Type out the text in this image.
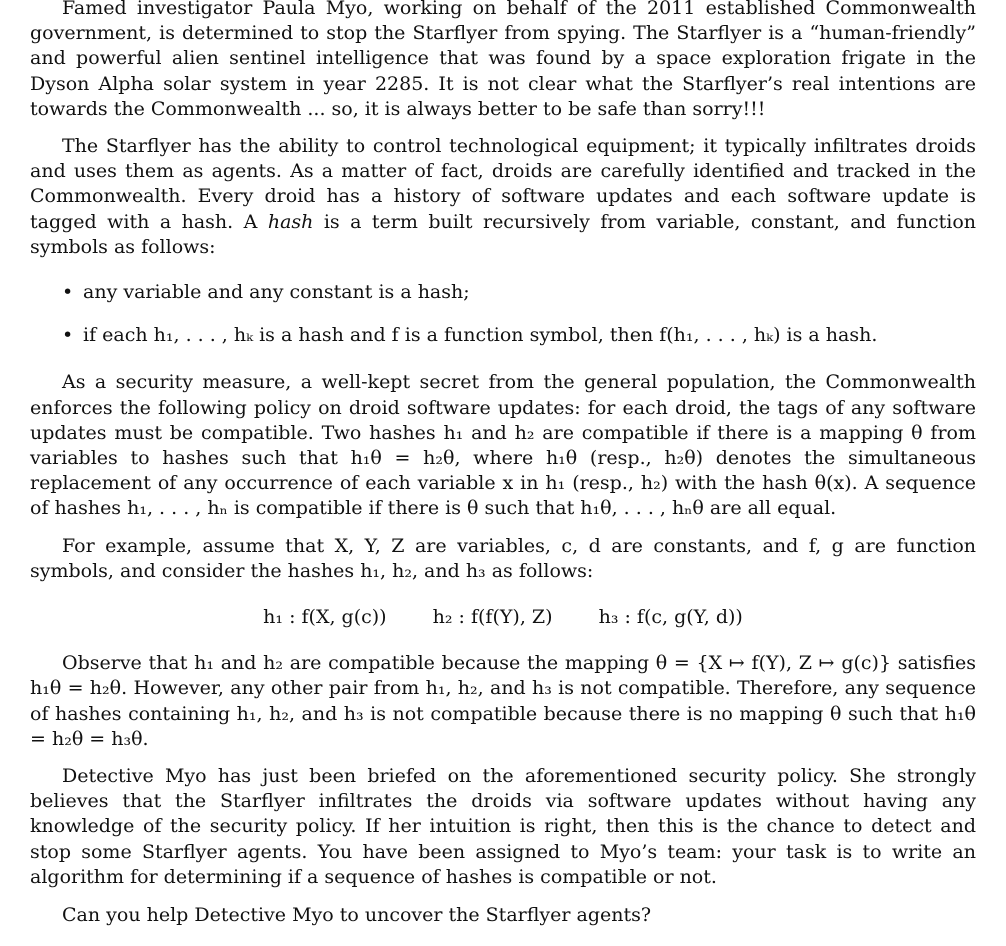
Famed investigator Paula Myo, working on behalf of the 2011 established Commonwealth government, is determined to stop the Starflyer from spying. The Starflyer is a “human-friendly” and powerful alien sentinel intelligence that was found by a space exploration frigate in the Dyson Alpha solar system in year 2285. It is not clear what the Starflyer’s real intentions are towards the Commonwealth ... so, it is always better to be safe than sorry!!!

The Starflyer has the ability to control technological equipment; it typically infiltrates droids and uses them as agents. As a matter of fact, droids are carefully identified and tracked in the Commonwealth. Every droid has a history of software updates and each software update is tagged with a hash. A hash is a term built recursively from variable, constant, and function symbols as follows:

• any variable and any constant is a hash;
• if each h₁, . . . , hₖ is a hash and f is a function symbol, then f(h₁, . . . , hₖ) is a hash.

As a security measure, a well-kept secret from the general population, the Commonwealth enforces the following policy on droid software updates: for each droid, the tags of any software updates must be compatible. Two hashes h₁ and h₂ are compatible if there is a mapping θ from variables to hashes such that h₁θ = h₂θ, where h₁θ (resp., h₂θ) denotes the simultaneous replacement of any occurrence of each variable x in h₁ (resp., h₂) with the hash θ(x). A sequence of hashes h₁, . . . , hₙ is compatible if there is θ such that h₁θ, . . . , hₙθ are all equal.

For example, assume that X, Y, Z are variables, c, d are constants, and f, g are function symbols, and consider the hashes h₁, h₂, and h₃ as follows:

h₁ : f(X, g(c)) h₂ : f(f(Y), Z) h₃ : f(c, g(Y, d))

Observe that h₁ and h₂ are compatible because the mapping θ = {X ↦ f(Y), Z ↦ g(c)} satisfies h₁θ = h₂θ. However, any other pair from h₁, h₂, and h₃ is not compatible. Therefore, any sequence of hashes containing h₁, h₂, and h₃ is not compatible because there is no mapping θ such that h₁θ = h₂θ = h₃θ.

Detective Myo has just been briefed on the aforementioned security policy. She strongly believes that the Starflyer infiltrates the droids via software updates without having any knowledge of the security policy. If her intuition is right, then this is the chance to detect and stop some Starflyer agents. You have been assigned to Myo’s team: your task is to write an algorithm for determining if a sequence of hashes is compatible or not.

Can you help Detective Myo to uncover the Starflyer agents?
